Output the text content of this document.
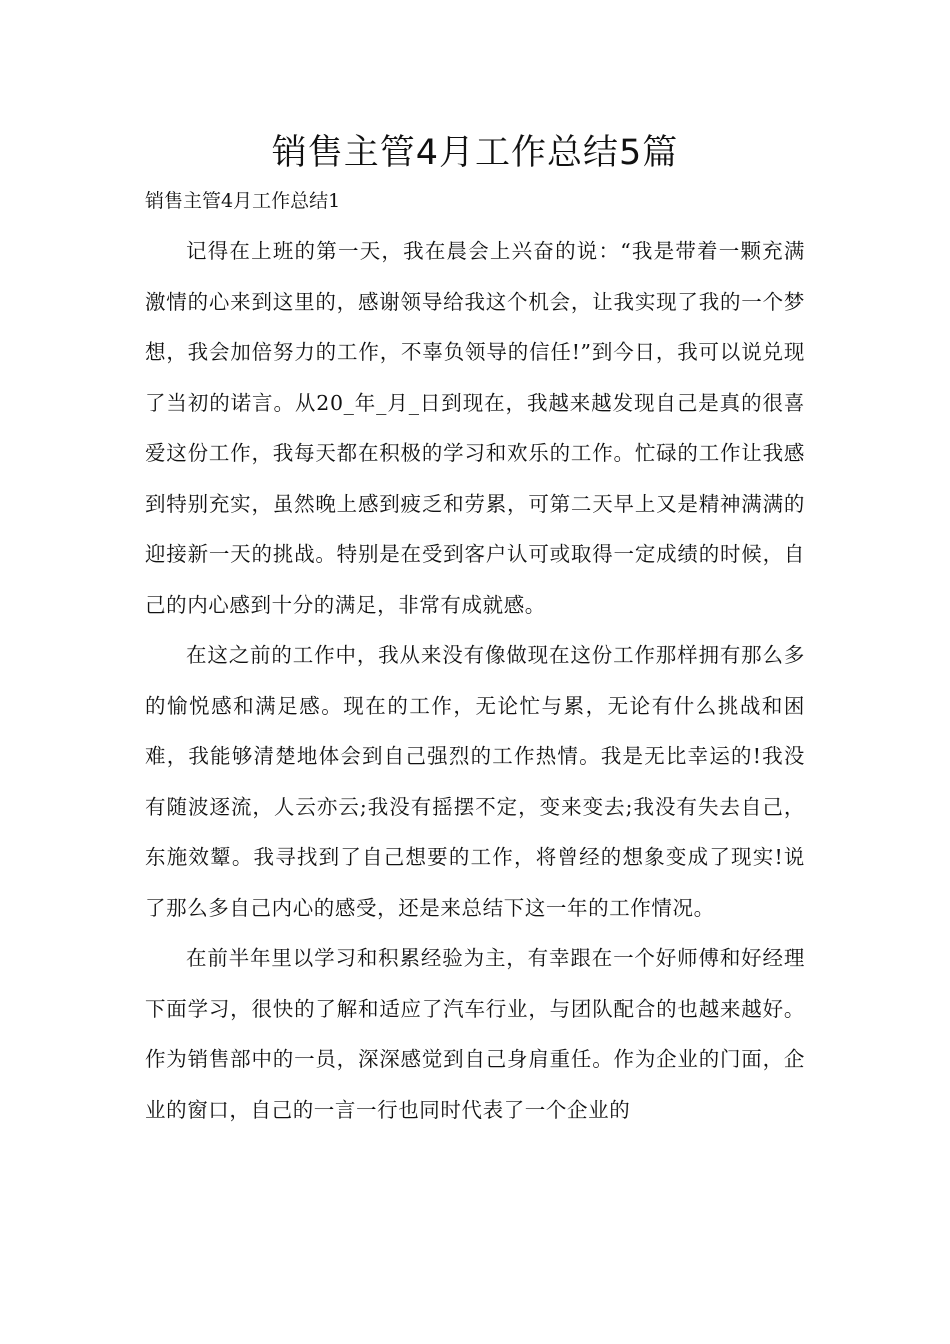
销售主管4月工作总结5篇
销售主管4月工作总结1

记得在上班的第一天，我在晨会上兴奋的说：“我是带着一颗充满激情的心来到这里的，感谢领导给我这个机会，让我实现了我的一个梦想，我会加倍努力的工作，不辜负领导的信任!”到今日，我可以说兑现了当初的诺言。从20_年_月_日到现在，我越来越发现自己是真的很喜爱这份工作，我每天都在积极的学习和欢乐的工作。忙碌的工作让我感到特别充实，虽然晚上感到疲乏和劳累，可第二天早上又是精神满满的迎接新一天的挑战。特别是在受到客户认可或取得一定成绩的时候，自己的内心感到十分的满足，非常有成就感。

在这之前的工作中，我从来没有像做现在这份工作那样拥有那么多的愉悦感和满足感。现在的工作，无论忙与累，无论有什么挑战和困难，我能够清楚地体会到自己强烈的工作热情。我是无比幸运的!我没有随波逐流，人云亦云;我没有摇摆不定，变来变去;我没有失去自己，东施效颦。我寻找到了自己想要的工作，将曾经的想象变成了现实!说了那么多自己内心的感受，还是来总结下这一年的工作情况。

在前半年里以学习和积累经验为主，有幸跟在一个好师傅和好经理下面学习，很快的了解和适应了汽车行业，与团队配合的也越来越好。作为销售部中的一员，深深感觉到自己身肩重任。作为企业的门面，企业的窗口，自己的一言一行也同时代表了一个企业的
